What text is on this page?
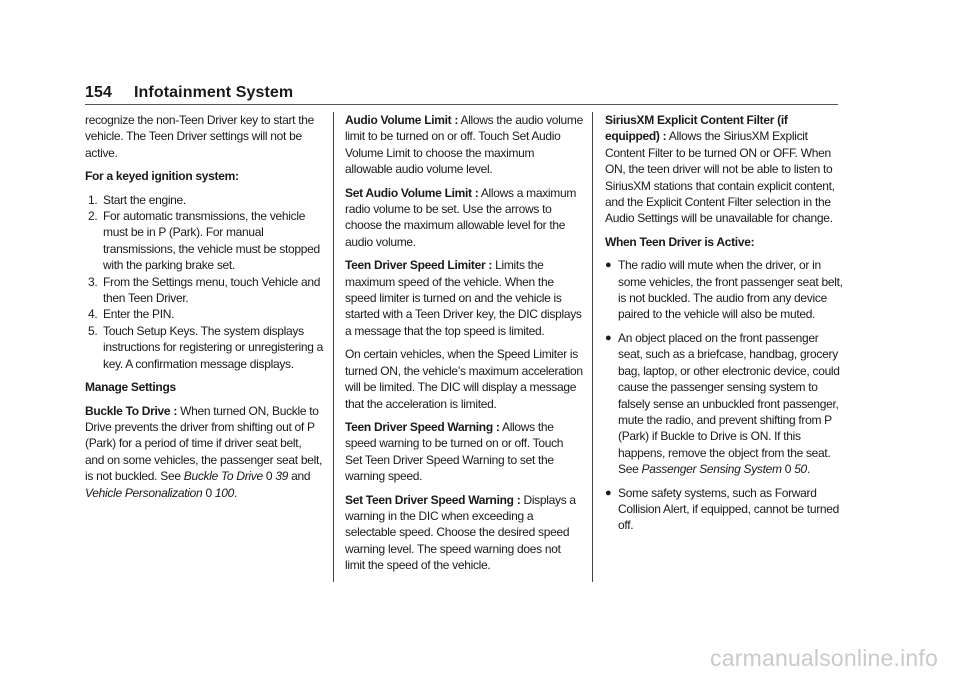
154 Infotainment System

recognize the non-Teen Driver key to start the vehicle. The Teen Driver settings will not be active.

For a keyed ignition system:

1. Start the engine.
2. For automatic transmissions, the vehicle must be in P (Park). For manual transmissions, the vehicle must be stopped with the parking brake set.
3. From the Settings menu, touch Vehicle and then Teen Driver.
4. Enter the PIN.
5. Touch Setup Keys. The system displays instructions for registering or unregistering a key. A confirmation message displays.

Manage Settings

Buckle To Drive : When turned ON, Buckle to Drive prevents the driver from shifting out of P (Park) for a period of time if driver seat belt, and on some vehicles, the passenger seat belt, is not buckled. See Buckle To Drive 0 39 and Vehicle Personalization 0 100.

Audio Volume Limit : Allows the audio volume limit to be turned on or off. Touch Set Audio Volume Limit to choose the maximum allowable audio volume level.

Set Audio Volume Limit : Allows a maximum radio volume to be set. Use the arrows to choose the maximum allowable level for the audio volume.

Teen Driver Speed Limiter : Limits the maximum speed of the vehicle. When the speed limiter is turned on and the vehicle is started with a Teen Driver key, the DIC displays a message that the top speed is limited.

On certain vehicles, when the Speed Limiter is turned ON, the vehicle’s maximum acceleration will be limited. The DIC will display a message that the acceleration is limited.

Teen Driver Speed Warning : Allows the speed warning to be turned on or off. Touch Set Teen Driver Speed Warning to set the warning speed.

Set Teen Driver Speed Warning : Displays a warning in the DIC when exceeding a selectable speed. Choose the desired speed warning level. The speed warning does not limit the speed of the vehicle.

SiriusXM Explicit Content Filter (if equipped) : Allows the SiriusXM Explicit Content Filter to be turned ON or OFF. When ON, the teen driver will not be able to listen to SiriusXM stations that contain explicit content, and the Explicit Content Filter selection in the Audio Settings will be unavailable for change.

When Teen Driver is Active:

● The radio will mute when the driver, or in some vehicles, the front passenger seat belt, is not buckled. The audio from any device paired to the vehicle will also be muted.
● An object placed on the front passenger seat, such as a briefcase, handbag, grocery bag, laptop, or other electronic device, could cause the passenger sensing system to falsely sense an unbuckled front passenger, mute the radio, and prevent shifting from P (Park) if Buckle to Drive is ON. If this happens, remove the object from the seat. See Passenger Sensing System 0 50.
● Some safety systems, such as Forward Collision Alert, if equipped, cannot be turned off.
carmanualsonline.info
